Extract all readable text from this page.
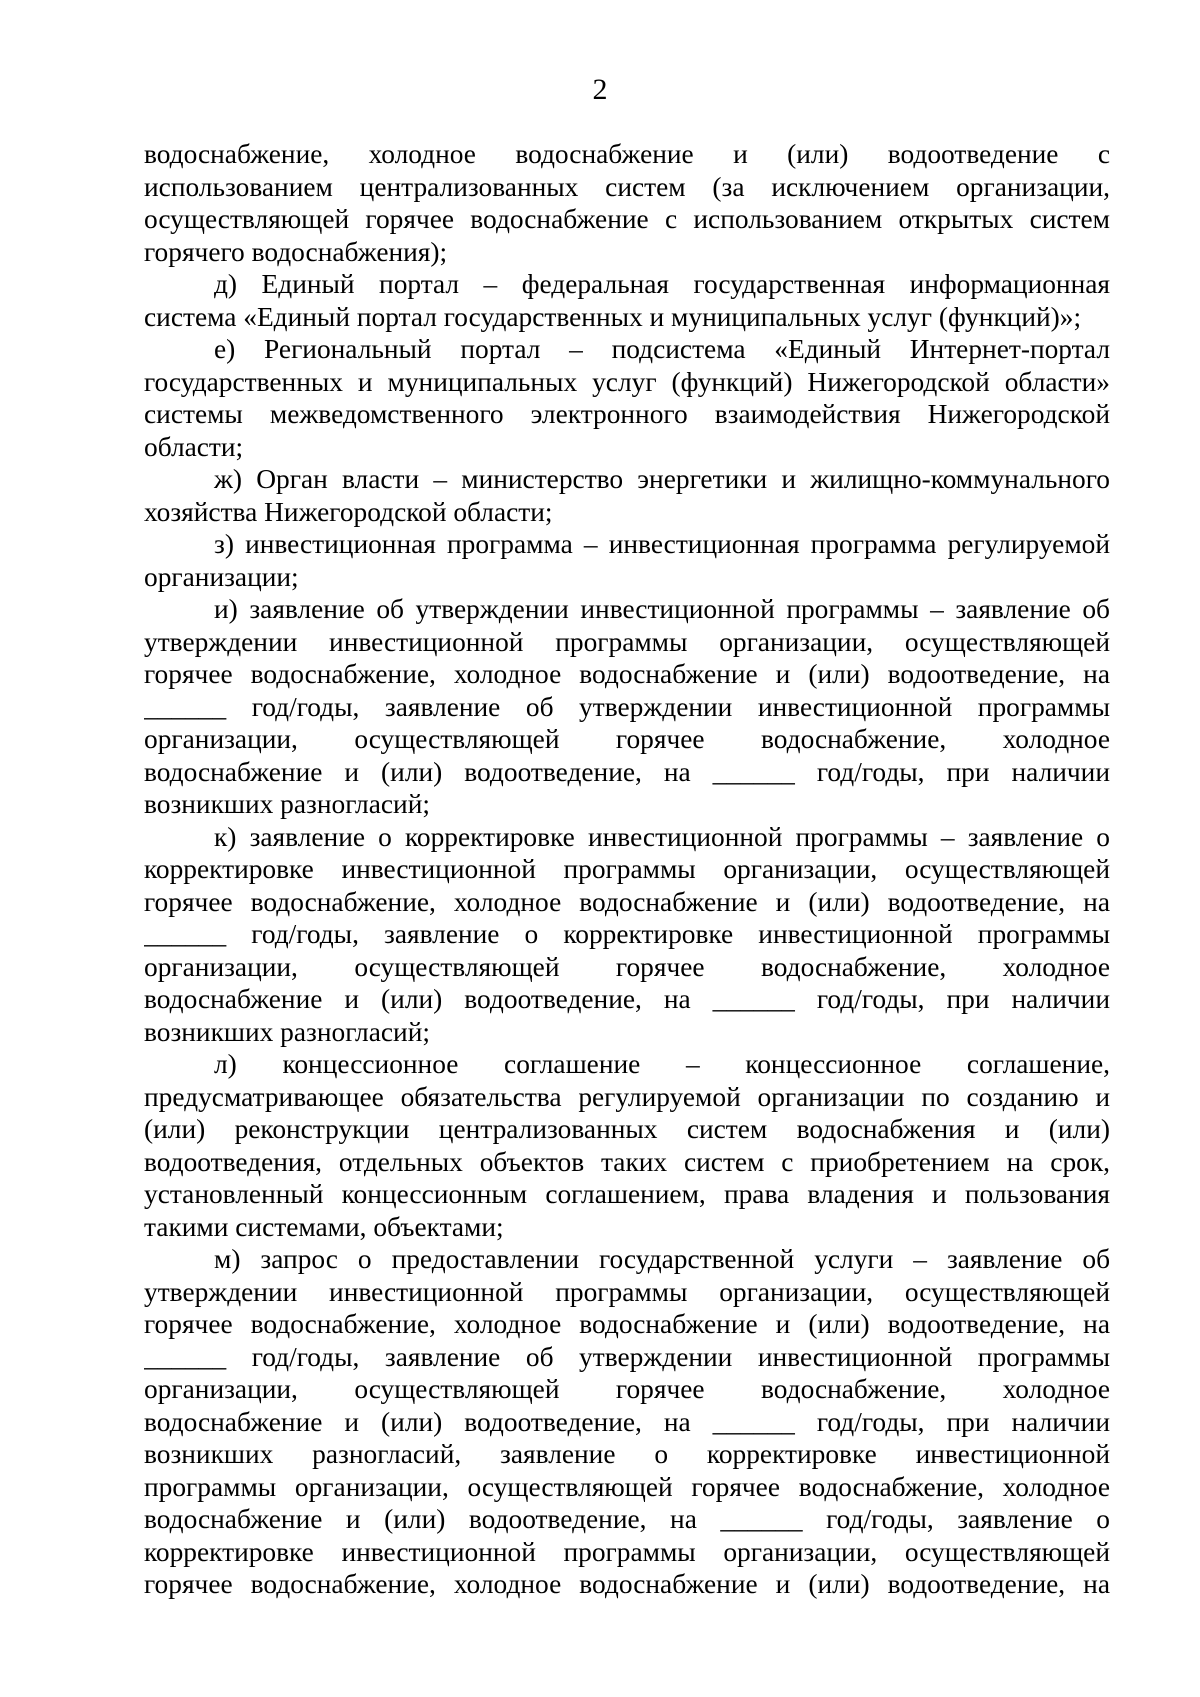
2
водоснабжение, холодное водоснабжение и (или) водоотведение с
использованием централизованных систем (за исключением организации,
осуществляющей горячее водоснабжение с использованием открытых систем
горячего водоснабжения);
д) Единый портал – федеральная государственная информационная
система «Единый портал государственных и муниципальных услуг (функций)»;
е) Региональный портал – подсистема «Единый Интернет-портал
государственных и муниципальных услуг (функций) Нижегородской области»
системы межведомственного электронного взаимодействия Нижегородской
области;
ж) Орган власти – министерство энергетики и жилищно-коммунального
хозяйства Нижегородской области;
з) инвестиционная программа – инвестиционная программа регулируемой
организации;
и) заявление об утверждении инвестиционной программы – заявление об
утверждении инвестиционной программы организации, осуществляющей
горячее водоснабжение, холодное водоснабжение и (или) водоотведение, на
______ год/годы, заявление об утверждении инвестиционной программы
организации, осуществляющей горячее водоснабжение, холодное
водоснабжение и (или) водоотведение, на ______ год/годы, при наличии
возникших разногласий;
к) заявление о корректировке инвестиционной программы – заявление о
корректировке инвестиционной программы организации, осуществляющей
горячее водоснабжение, холодное водоснабжение и (или) водоотведение, на
______ год/годы, заявление о корректировке инвестиционной программы
организации, осуществляющей горячее водоснабжение, холодное
водоснабжение и (или) водоотведение, на ______ год/годы, при наличии
возникших разногласий;
л) концессионное соглашение – концессионное соглашение,
предусматривающее обязательства регулируемой организации по созданию и
(или) реконструкции централизованных систем водоснабжения и (или)
водоотведения, отдельных объектов таких систем с приобретением на срок,
установленный концессионным соглашением, права владения и пользования
такими системами, объектами;
м) запрос о предоставлении государственной услуги – заявление об
утверждении инвестиционной программы организации, осуществляющей
горячее водоснабжение, холодное водоснабжение и (или) водоотведение, на
______ год/годы, заявление об утверждении инвестиционной программы
организации, осуществляющей горячее водоснабжение, холодное
водоснабжение и (или) водоотведение, на ______ год/годы, при наличии
возникших разногласий, заявление о корректировке инвестиционной
программы организации, осуществляющей горячее водоснабжение, холодное
водоснабжение и (или) водоотведение, на ______ год/годы, заявление о
корректировке инвестиционной программы организации, осуществляющей
горячее водоснабжение, холодное водоснабжение и (или) водоотведение, на
